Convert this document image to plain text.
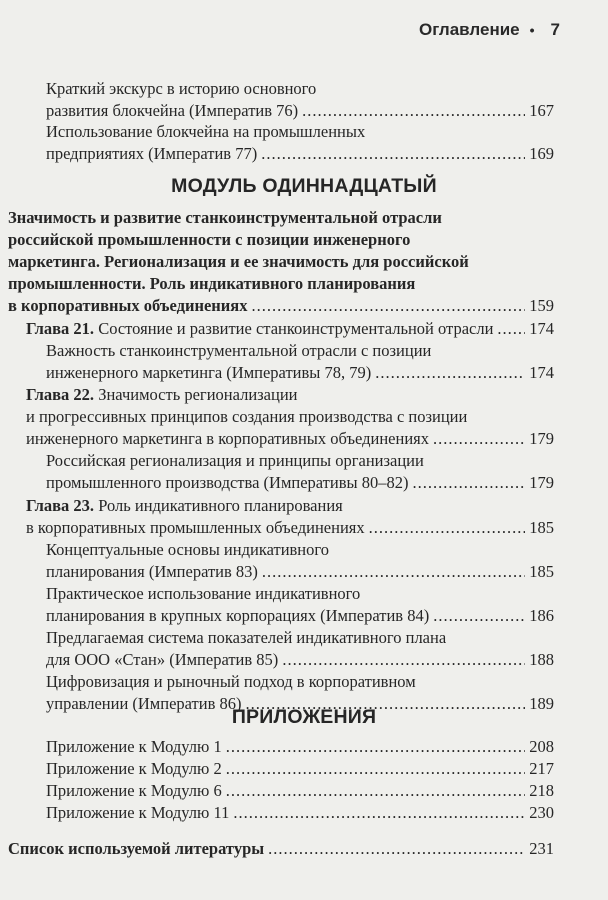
Оглавление • 7
Краткий экскурс в историю основного
развития блокчейна (Императив 76) .....	167
Использование блокчейна на промышленных
предприятиях (Императив 77) .....	169
МОДУЛЬ ОДИННАДЦАТЫЙ
Значимость и развитие станкоинструментальной отрасли
российской промышленности с позиции инженерного
маркетинга. Регионализация и ее значимость для российской
промышленности. Роль индикативного планирования
в корпоративных объединениях .....	159
Глава 21. Состояние и развитие станкоинструментальной отрасли ..... 174
Важность станкоинструментальной отрасли с позиции
инженерного маркетинга (Императивы 78, 79) .....	174
Глава 22. Значимость регионализации
и прогрессивных принципов создания производства с позиции
инженерного маркетинга в корпоративных объединениях .....	179
Российская регионализация и принципы организации
промышленного производства (Императивы 80–82) .....	179
Глава 23. Роль индикативного планирования
в корпоративных промышленных объединениях .....	185
Концептуальные основы индикативного
планирования (Императив 83) .....	185
Практическое использование индикативного
планирования в крупных корпорациях (Императив 84) .....	186
Предлагаемая система показателей индикативного плана
для ООО «Стан» (Императив 85) .....	188
Цифровизация и рыночный подход в корпоративном
управлении (Императив 86) .....	189
ПРИЛОЖЕНИЯ
Приложение к Модулю 1 .....	208
Приложение к Модулю 2 .....	217
Приложение к Модулю 6 .....	218
Приложение к Модулю 11 .....	230
Список используемой литературы .....	231
